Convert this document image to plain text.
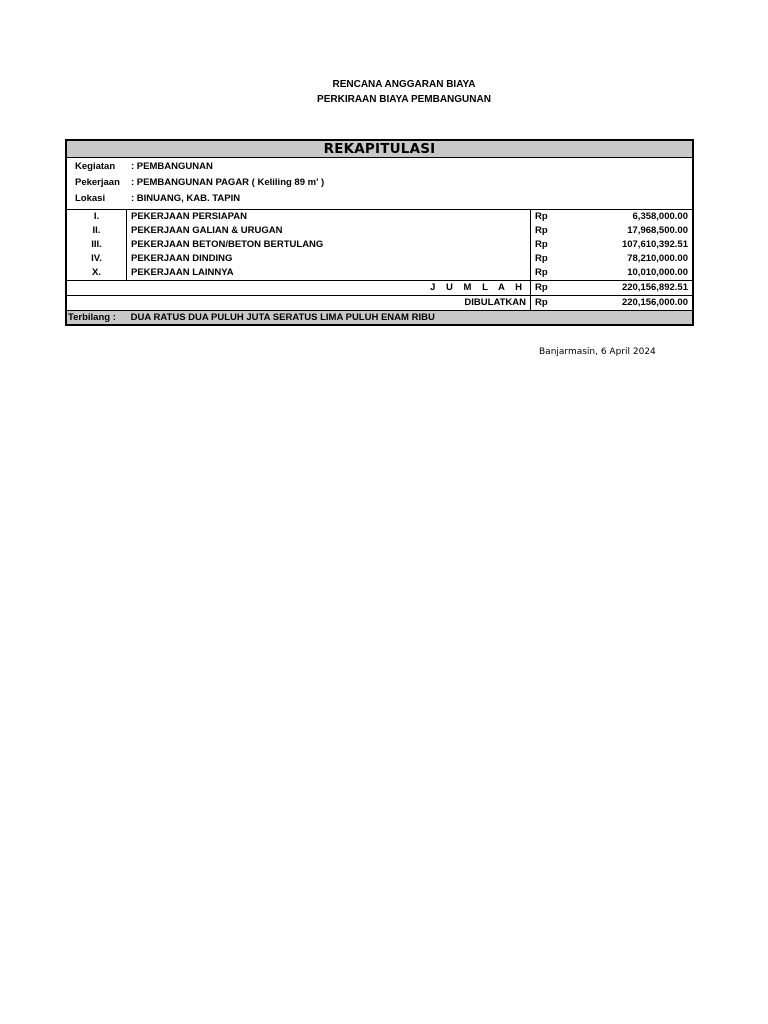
RENCANA ANGGARAN BIAYA
PERKIRAAN BIAYA PEMBANGUNAN
REKAPITULASI
Kegiatan	: PEMBANGUNAN
Pekerjaan	: PEMBANGUNAN PAGAR ( Keliling 89 m' )
Lokasi	: BINUANG, KAB. TAPIN
I.	PEKERJAAN PERSIAPAN	Rp	6,358,000.00
II.	PEKERJAAN GALIAN & URUGAN	Rp	17,968,500.00
III.	PEKERJAAN BETON/BETON BERTULANG	Rp	107,610,392.51
IV.	PEKERJAAN DINDING	Rp	78,210,000.00
X.	PEKERJAAN LAINNYA	Rp	10,010,000.00
J U M L A H		Rp	220,156,892.51
DIBULATKAN		Rp	220,156,000.00
Terbilang : DUA RATUS DUA PULUH JUTA SERATUS LIMA PULUH ENAM RIBU
Banjarmasin, 6 April 2024
